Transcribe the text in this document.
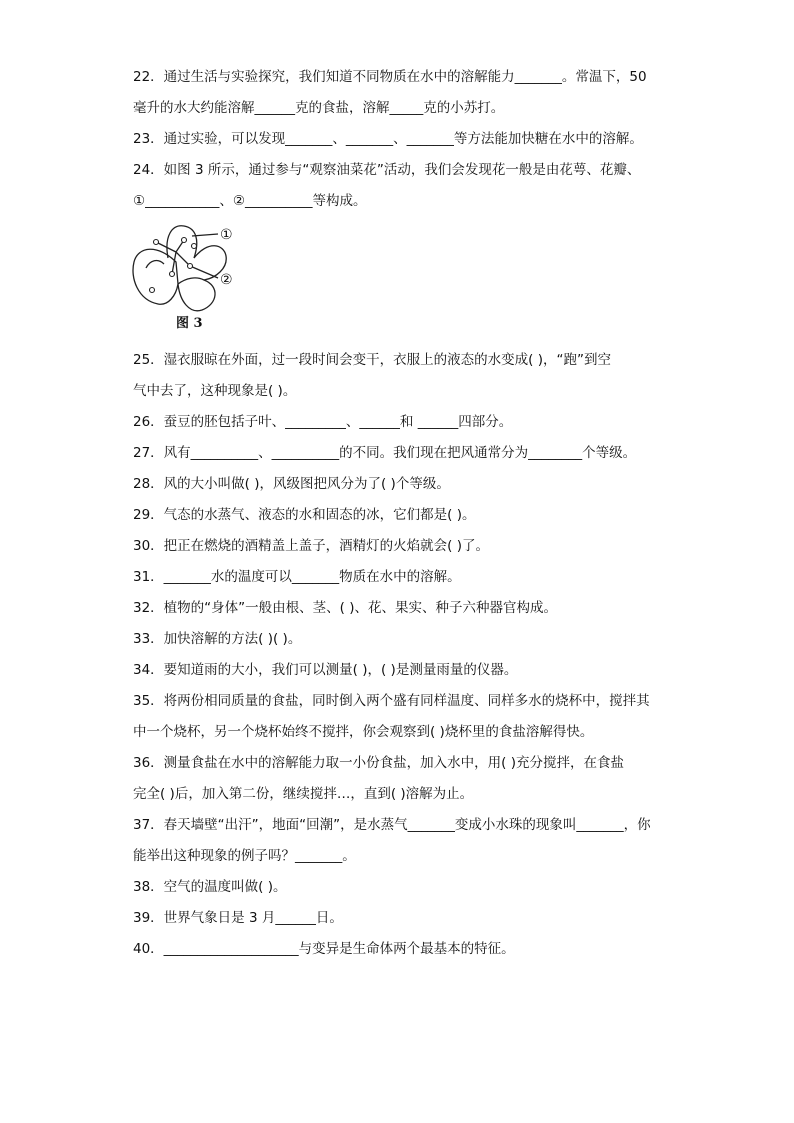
22．通过生活与实验探究，我们知道不同物质在水中的溶解能力_______。常温下，50
毫升的水大约能溶解______克的食盐，溶解_____克的小苏打。
23．通过实验，可以发现_______、_______、_______等方法能加快糖在水中的溶解。
24．如图 3 所示，通过参与“观察油菜花”活动，我们会发现花一般是由花萼、花瓣、
①___________、②__________等构成。
①
②
图 3
25．湿衣服晾在外面，过一段时间会变干，衣服上的液态的水变成( )，“跑”到空
气中去了，这种现象是( )。
26．蚕豆的胚包括子叶、_________、______和 ______四部分。
27．风有__________、__________的不同。我们现在把风通常分为________个等级。
28．风的大小叫做( )，风级图把风分为了( )个等级。
29．气态的水蒸气、液态的水和固态的冰，它们都是( )。
30．把正在燃烧的酒精盖上盖子，酒精灯的火焰就会( )了。
31．_______水的温度可以_______物质在水中的溶解。
32．植物的“身体”一般由根、茎、( )、花、果实、种子六种器官构成。
33．加快溶解的方法( )( )。
34．要知道雨的大小，我们可以测量( )，( )是测量雨量的仪器。
35．将两份相同质量的食盐，同时倒入两个盛有同样温度、同样多水的烧杯中，搅拌其
中一个烧杯，另一个烧杯始终不搅拌，你会观察到( )烧杯里的食盐溶解得快。
36．测量食盐在水中的溶解能力取一小份食盐，加入水中，用( )充分搅拌，在食盐
完全( )后，加入第二份，继续搅拌…，直到( )溶解为止。
37．春天墙壁“出汗”，地面“回潮”，是水蒸气_______变成小水珠的现象叫_______，你
能举出这种现象的例子吗？_______。
38．空气的温度叫做( )。
39．世界气象日是 3 月______日。
40．____________________与变异是生命体两个最基本的特征。
